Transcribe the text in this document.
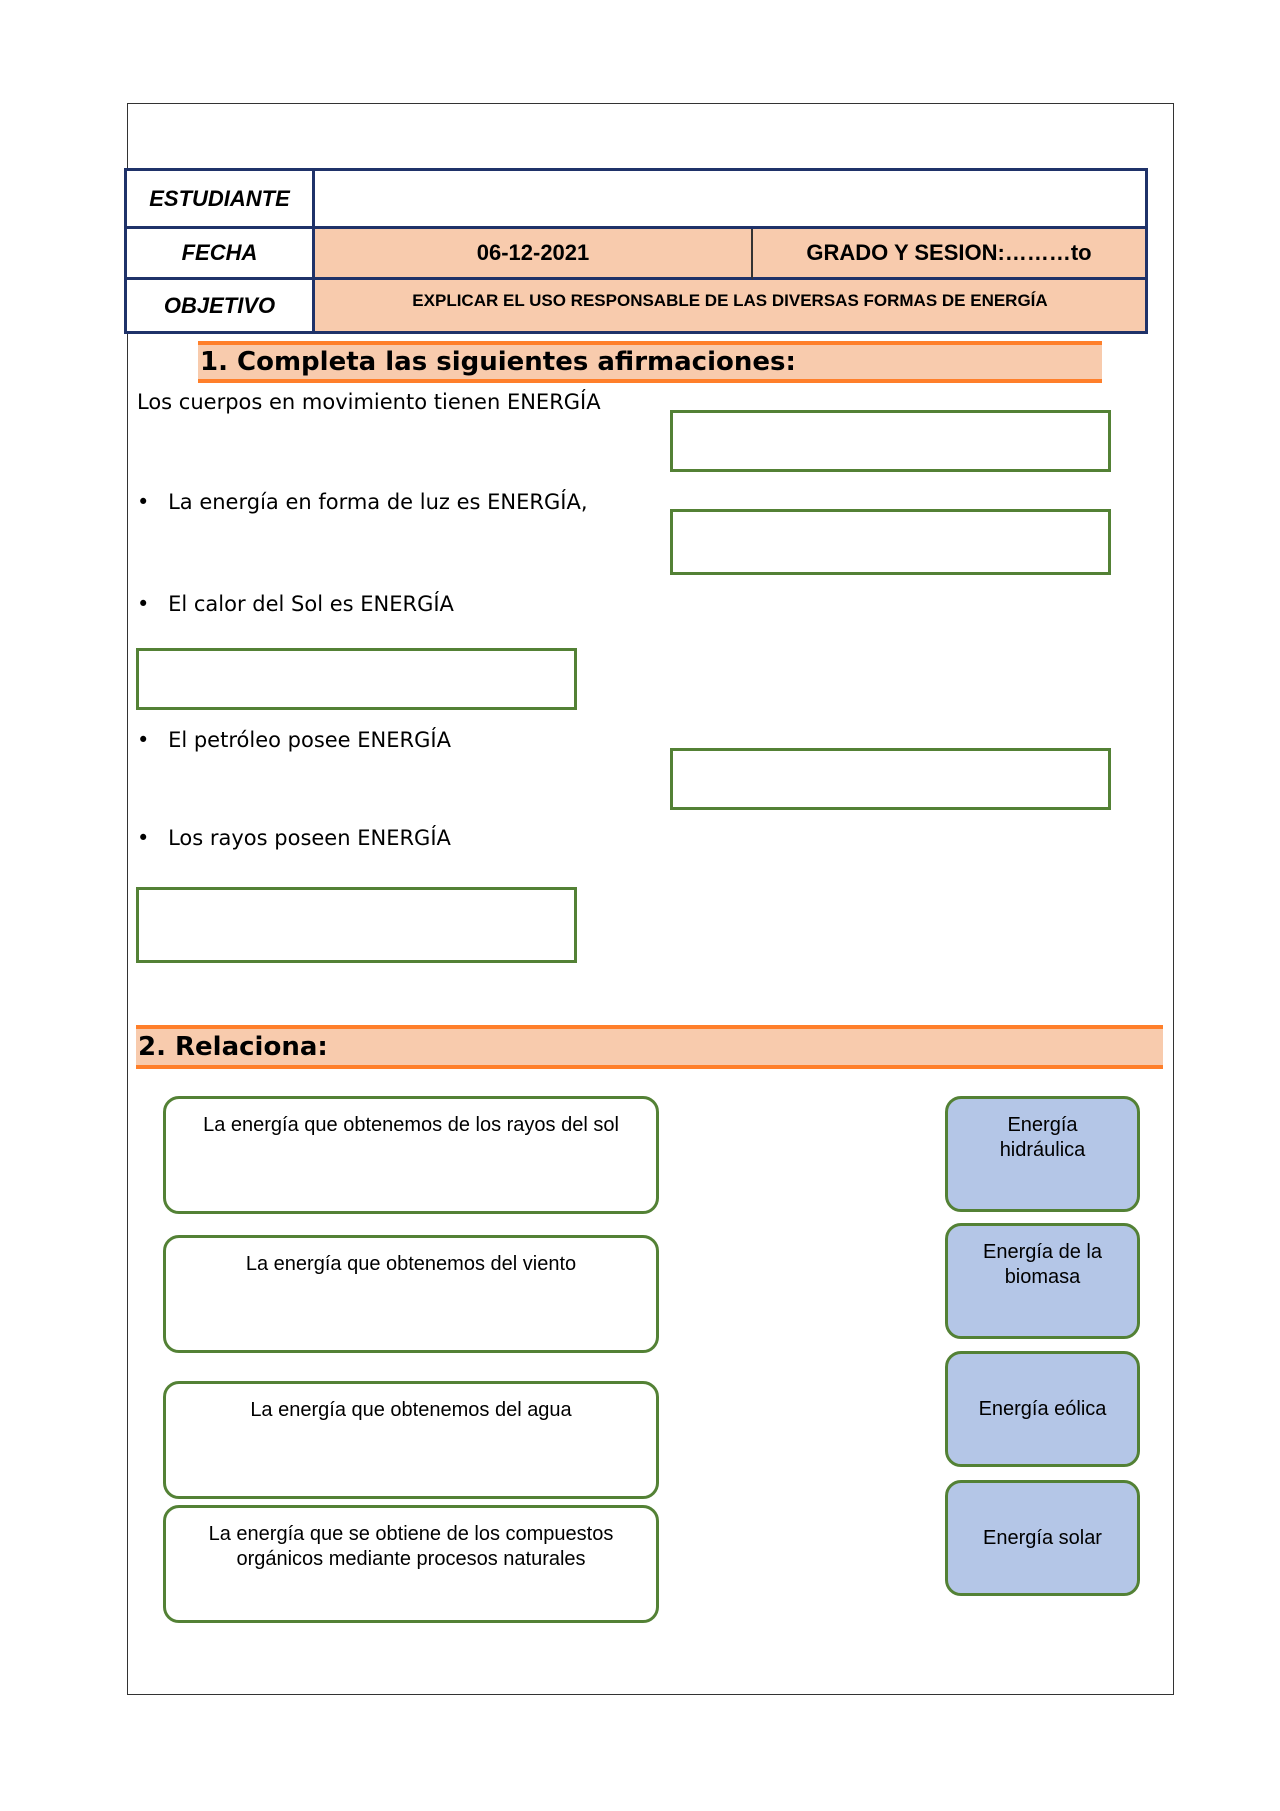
ESTUDIANTE
FECHA	06-12-2021	GRADO Y SESION:………to
OBJETIVO	EXPLICAR EL USO RESPONSABLE DE LAS DIVERSAS FORMAS DE ENERGÍA
1. Completa las siguientes afirmaciones:
Los cuerpos en movimiento tienen ENERGÍA
• La energía en forma de luz es ENERGÍA,
• El calor del Sol es ENERGÍA
• El petróleo posee ENERGÍA
• Los rayos poseen ENERGÍA
2. Relaciona:
La energía que obtenemos de los rayos del sol
La energía que obtenemos del viento
La energía que obtenemos del agua
La energía que se obtiene de los compuestos orgánicos mediante procesos naturales
Energía hidráulica
Energía de la biomasa
Energía eólica
Energía solar
